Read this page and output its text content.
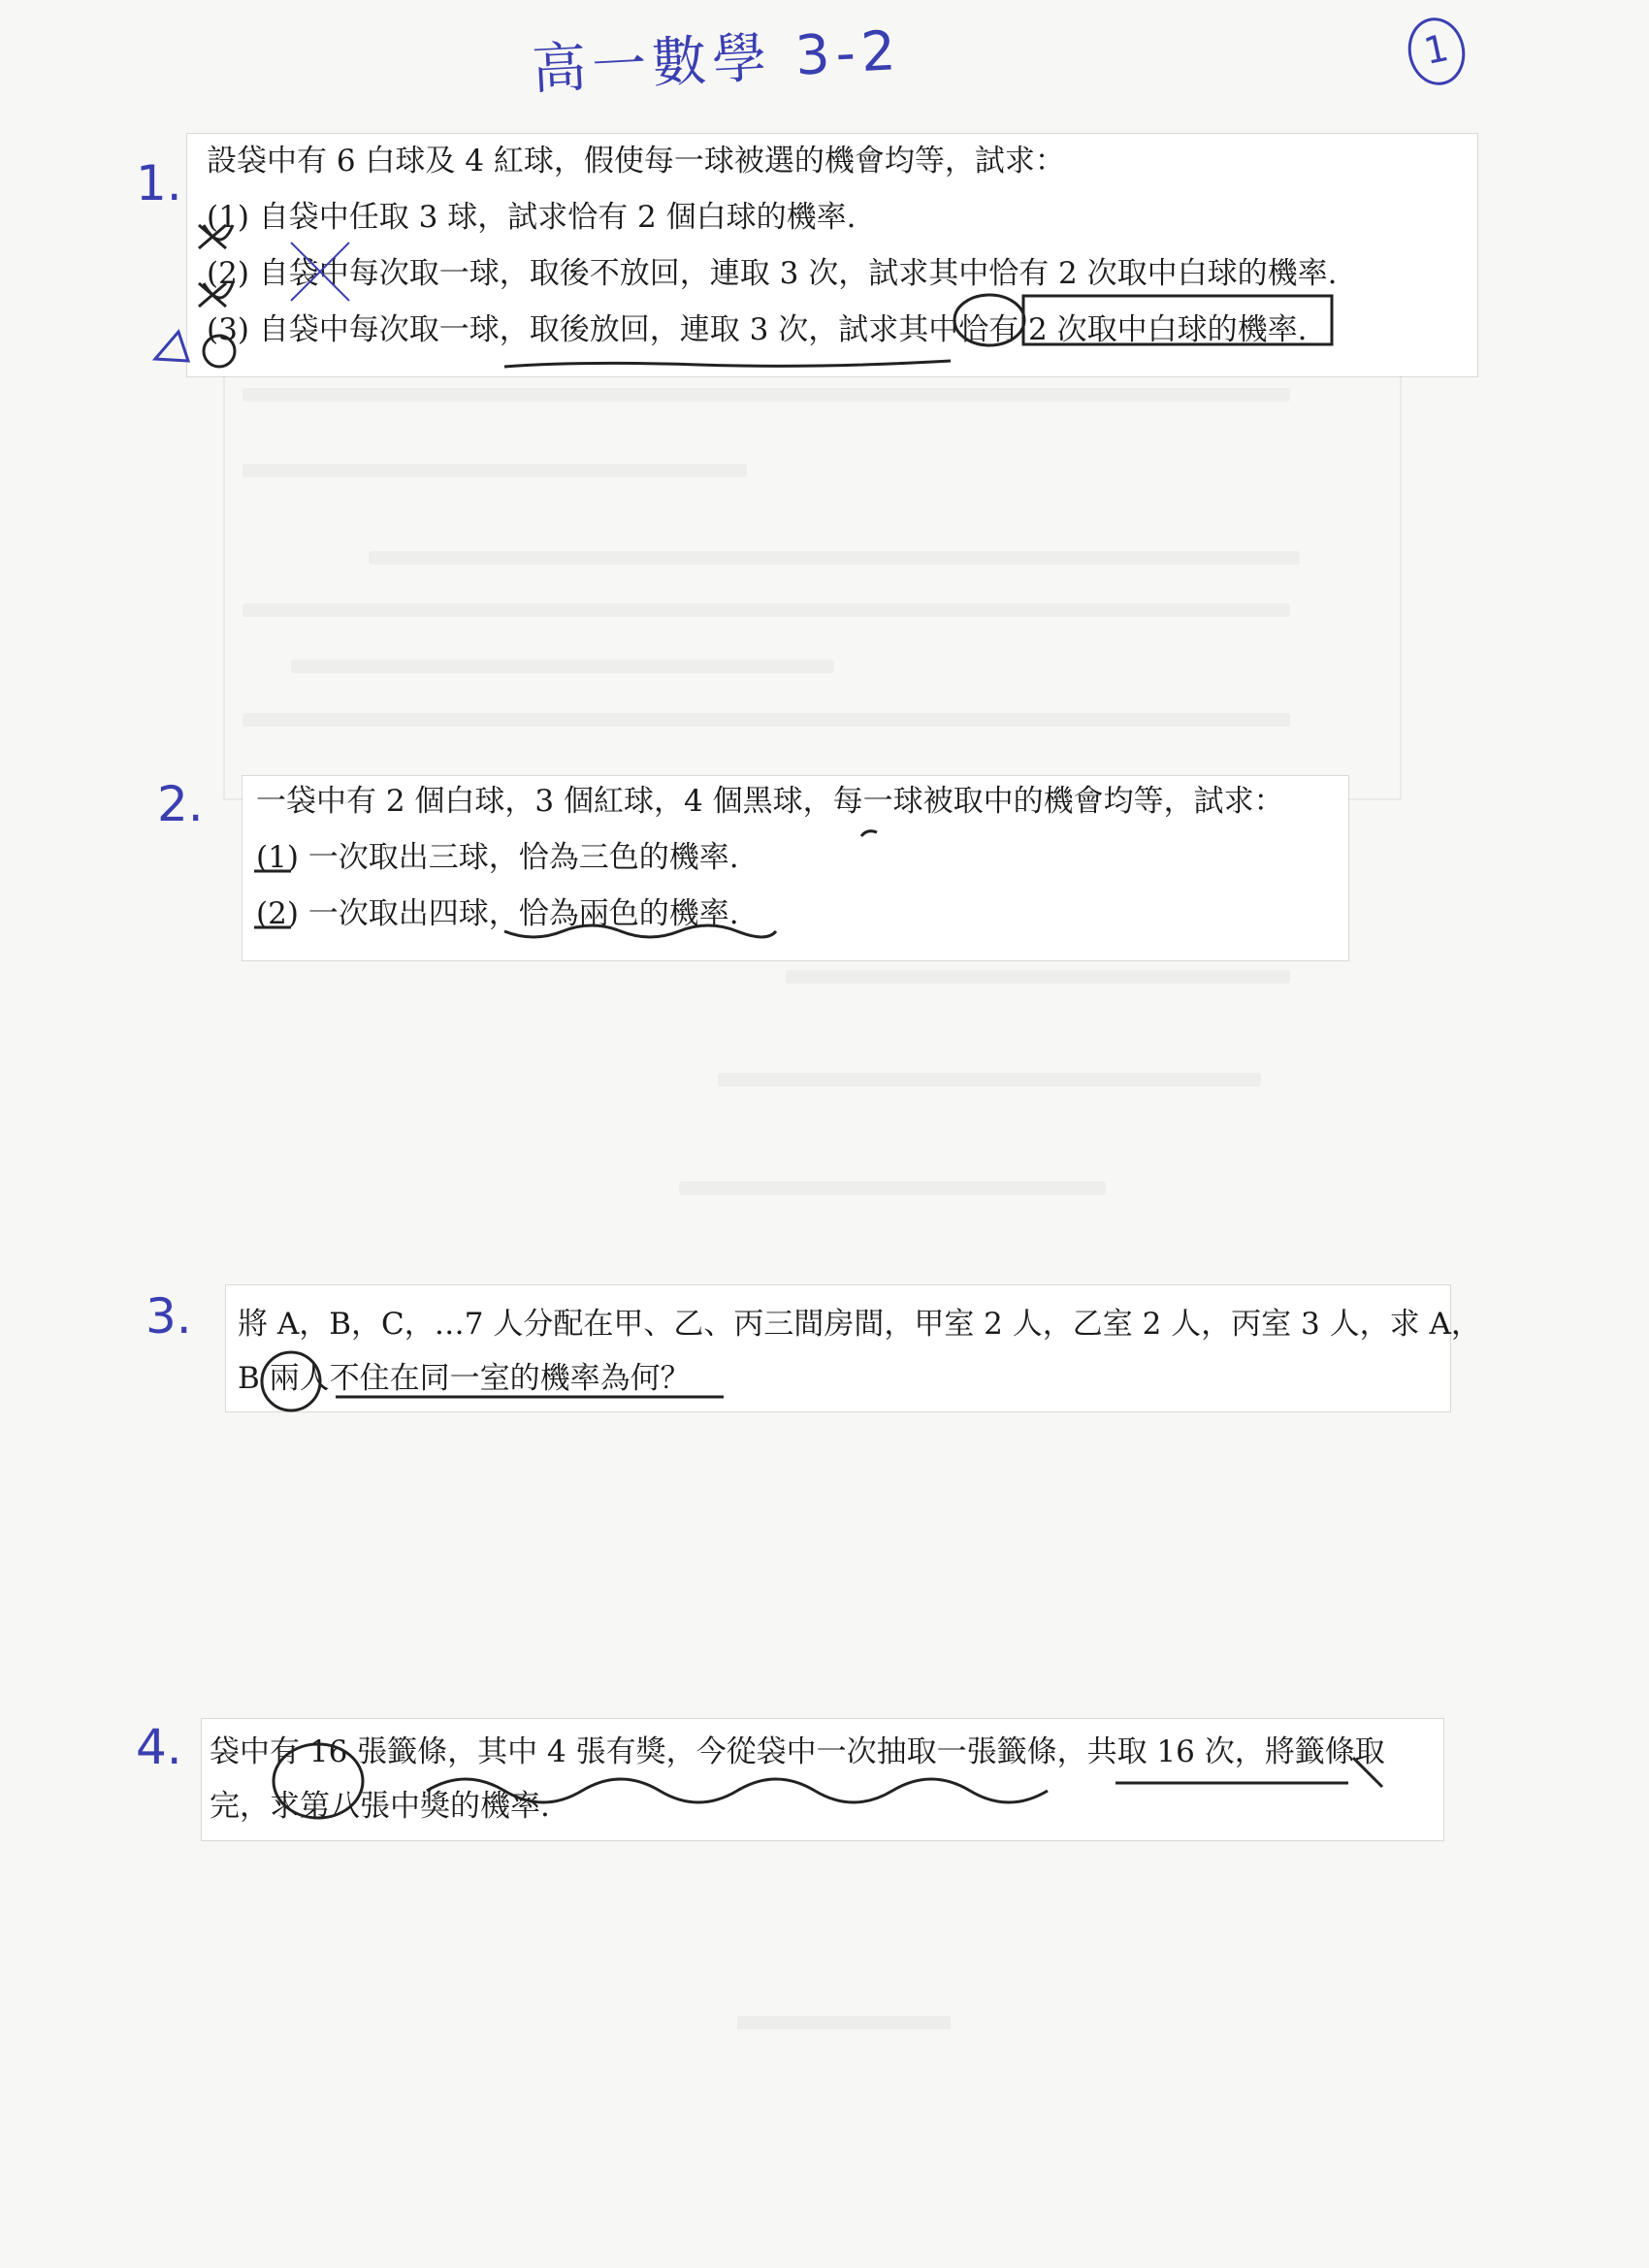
高一數學 3-2	1
1. 設袋中有 6 白球及 4 紅球，假使每一球被選的機會均等，試求：
(1) 自袋中任取 3 球，試求恰有 2 個白球的機率.
(2) 自袋中每次取一球，取後不放回，連取 3 次，試求其中恰有 2 次取中白球的機率.
(3) 自袋中每次取一球，取後放回，連取 3 次，試求其中恰有 2 次取中白球的機率.
2. 一袋中有 2 個白球，3 個紅球，4 個黑球，每一球被取中的機會均等，試求：
(1) 一次取出三球，恰為三色的機率.
(2) 一次取出四球，恰為兩色的機率.
3. 將 A，B，C，…7 人分配在甲、乙、丙三間房間，甲室 2 人，乙室 2 人，丙室 3 人，求 A，
B 兩人不住在同一室的機率為何？
4. 袋中有 16 張籤條，其中 4 張有獎，今從袋中一次抽取一張籤條，共取 16 次，將籤條取
完，求第八張中獎的機率.
